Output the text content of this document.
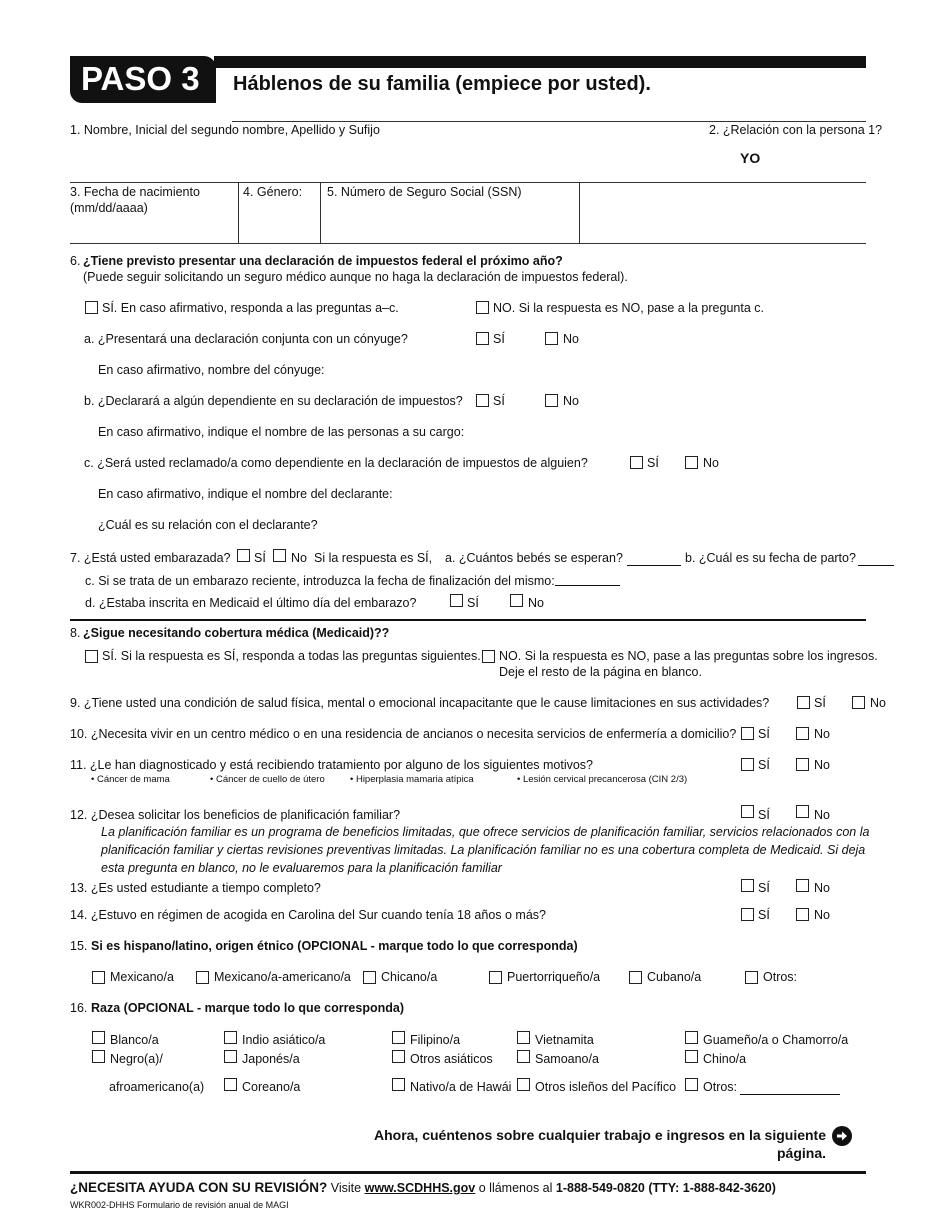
PASO 3 Háblenos de su familia (empiece por usted).
1. Nombre, Inicial del segundo nombre, Apellido y Sufijo	2. ¿Relación con la persona 1?
YO
3. Fecha de nacimiento
(mm/dd/aaaa)
4. Género: 5. Número de Seguro Social (SSN)
6. ¿Tiene previsto presentar una declaración de impuestos federal el próximo año?
(Puede seguir solicitando un seguro médico aunque no haga la declaración de impuestos federal).
SÍ. En caso afirmativo, responda a las preguntas a–c.	NO. Si la respuesta es NO, pase a la pregunta c.
a. ¿Presentará una declaración conjunta con un cónyuge?	SÍ	No
En caso afirmativo, nombre del cónyuge:
b. ¿Declarará a algún dependiente en su declaración de impuestos? SÍ	No
En caso afirmativo, indique el nombre de las personas a su cargo:
c. ¿Será usted reclamado/a como dependiente en la declaración de impuestos de alguien?	SÍ	No
En caso afirmativo, indique el nombre del declarante:
¿Cuál es su relación con el declarante?
7. ¿Está usted embarazada? SÍ No Si la respuesta es SÍ, a. ¿Cuántos bebés se esperan?	b. ¿Cuál es su fecha de parto?
c. Si se trata de un embarazo reciente, introduzca la fecha de finalización del mismo:
d. ¿Estaba inscrita en Medicaid el último día del embarazo?	SÍ	No
8. ¿Sigue necesitando cobertura médica (Medicaid)??
SÍ. Si la respuesta es SÍ, responda a todas las preguntas siguientes. NO. Si la respuesta es NO, pase a las preguntas sobre los ingresos.
Deje el resto de la página en blanco.
9. ¿Tiene usted una condición de salud física, mental o emocional incapacitante que le cause limitaciones en sus actividades?	SÍ	No
10. ¿Necesita vivir en un centro médico o en una residencia de ancianos o necesita servicios de enfermería a domicilio? SÍ	No
11. ¿Le han diagnosticado y está recibiendo tratamiento por alguno de los siguientes motivos?	SÍ	No
• Cáncer de mama	• Cáncer de cuello de útero	• Hiperplasia mamaria atípica	• Lesión cervical precancerosa (CIN 2/3)
12. ¿Desea solicitar los beneficios de planificación familiar?	SÍ	No
La planificación familiar es un programa de beneficios limitadas, que ofrece servicios de planificación familiar, servicios relacionados con la
planificación familiar y ciertas revisiones preventivas limitadas. La planificación familiar no es una cobertura completa de Medicaid. Si deja
esta pregunta en blanco, no le evaluaremos para la planificación familiar
13. ¿Es usted estudiante a tiempo completo?	SÍ	No
14. ¿Estuvo en régimen de acogida en Carolina del Sur cuando tenía 18 años o más?	SÍ	No
15. Si es hispano/latino, origen étnico (OPCIONAL - marque todo lo que corresponda)
Mexicano/a	Mexicano/a-americano/a Chicano/a	Puertorriqueño/a	Cubano/a	Otros:
16. Raza (OPCIONAL - marque todo lo que corresponda)
Blanco/a	Indio asiático/a	Filipino/a	Vietnamita	Guameño/a o Chamorro/a
Negro(a)/	Japonés/a	Otros asiáticos	Samoano/a	Chino/a
afroamericano(a)	Coreano/a	Nativo/a de Hawái Otros isleños del Pacífico Otros:
Ahora, cuéntenos sobre cualquier trabajo e ingresos en la siguiente
página.
¿NECESITA AYUDA CON SU REVISIÓN? Visite www.SCDHHS.gov o llámenos al 1-888-549-0820 (TTY: 1-888-842-3620)
WKR002-DHHS Formulario de revisión anual de MAGI
